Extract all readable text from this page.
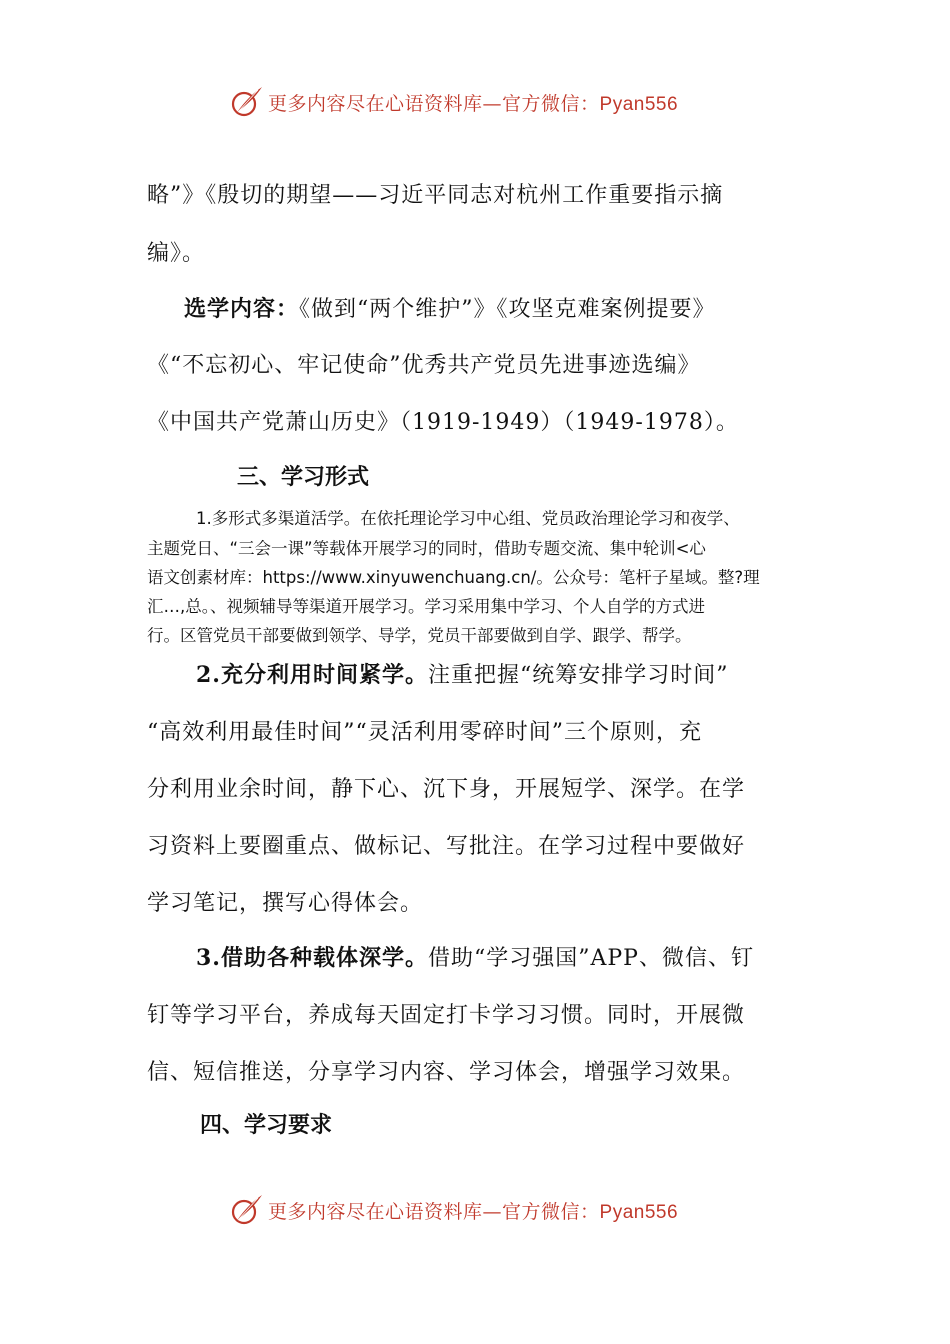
更多内容尽在心语资料库—官方微信：Pyan556
略”》《殷切的期望——习近平同志对杭州工作重要指示摘
编》。
选学内容：《做到“两个维护”》《攻坚克难案例提要》
《“不忘初心、牢记使命”优秀共产党员先进事迹选编》
《中国共产党萧山历史》（1919-1949）（1949-1978）。
三、学习形式
1.多形式多渠道活学。在依托理论学习中心组、党员政治理论学习和夜学、
主题党日、“三会一课”等载体开展学习的同时，借助专题交流、集中轮训<心
语文创素材库：https://www.xinyuwenchuang.cn/。公众号：笔杆子星域。整?理
汇…,总。、视频辅导等渠道开展学习。学习采用集中学习、个人自学的方式进
行。区管党员干部要做到领学、导学，党员干部要做到自学、跟学、帮学。
2.充分利用时间紧学。注重把握“统筹安排学习时间”
“高效利用最佳时间”“灵活利用零碎时间”三个原则，充
分利用业余时间，静下心、沉下身，开展短学、深学。在学
习资料上要圈重点、做标记、写批注。在学习过程中要做好
学习笔记，撰写心得体会。
3.借助各种载体深学。借助“学习强国”APP、微信、钉
钉等学习平台，养成每天固定打卡学习习惯。同时，开展微
信、短信推送，分享学习内容、学习体会，增强学习效果。
四、学习要求
更多内容尽在心语资料库—官方微信：Pyan556
